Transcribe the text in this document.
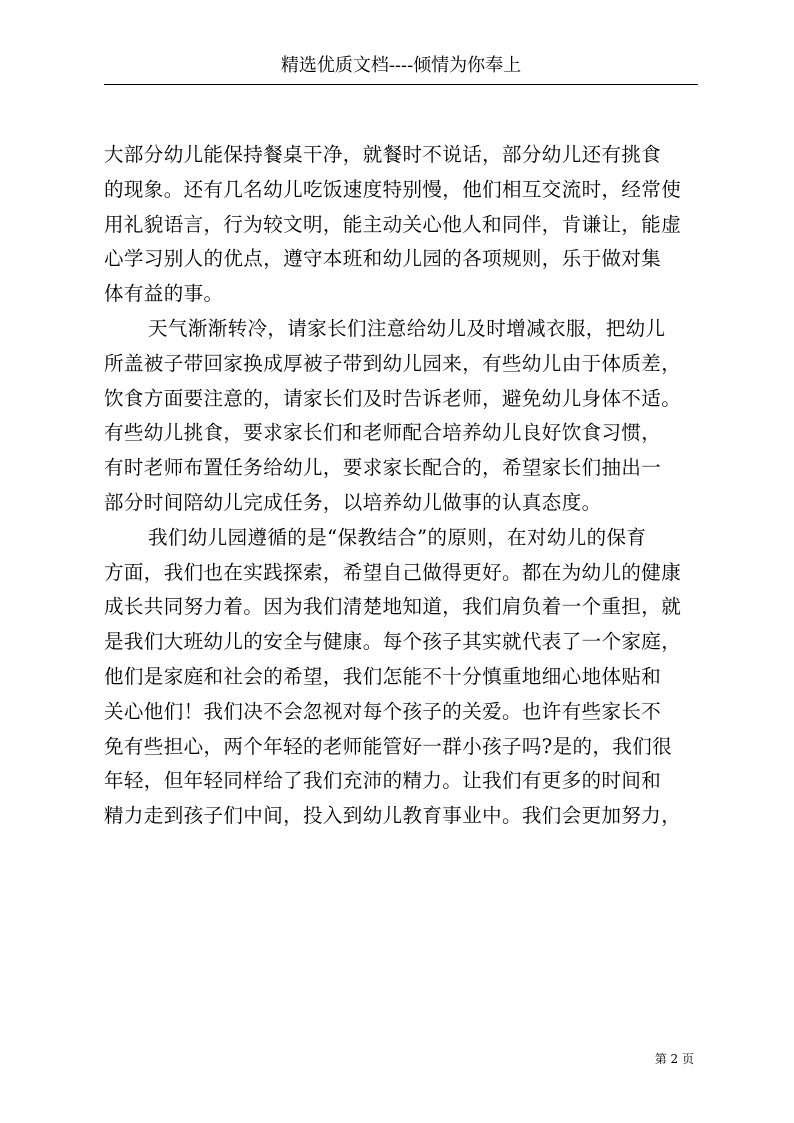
精选优质文档----倾情为你奉上
大部分幼儿能保持餐桌干净，就餐时不说话，部分幼儿还有挑食
的现象。还有几名幼儿吃饭速度特别慢，他们相互交流时，经常使
用礼貌语言，行为较文明，能主动关心他人和同伴，肯谦让，能虚
心学习别人的优点，遵守本班和幼儿园的各项规则，乐于做对集
体有益的事。
天气渐渐转冷，请家长们注意给幼儿及时增减衣服，把幼儿
所盖被子带回家换成厚被子带到幼儿园来，有些幼儿由于体质差，
饮食方面要注意的，请家长们及时告诉老师，避免幼儿身体不适。
有些幼儿挑食，要求家长们和老师配合培养幼儿良好饮食习惯，
有时老师布置任务给幼儿，要求家长配合的，希望家长们抽出一
部分时间陪幼儿完成任务，以培养幼儿做事的认真态度。
我们幼儿园遵循的是“保教结合”的原则，在对幼儿的保育
方面，我们也在实践探索，希望自己做得更好。都在为幼儿的健康
成长共同努力着。因为我们清楚地知道，我们肩负着一个重担，就
是我们大班幼儿的安全与健康。每个孩子其实就代表了一个家庭，
他们是家庭和社会的希望，我们怎能不十分慎重地细心地体贴和
关心他们！我们决不会忽视对每个孩子的关爱。也许有些家长不
免有些担心，两个年轻的老师能管好一群小孩子吗?是的，我们很
年轻，但年轻同样给了我们充沛的精力。让我们有更多的时间和
精力走到孩子们中间，投入到幼儿教育事业中。我们会更加努力，
第 2 页
